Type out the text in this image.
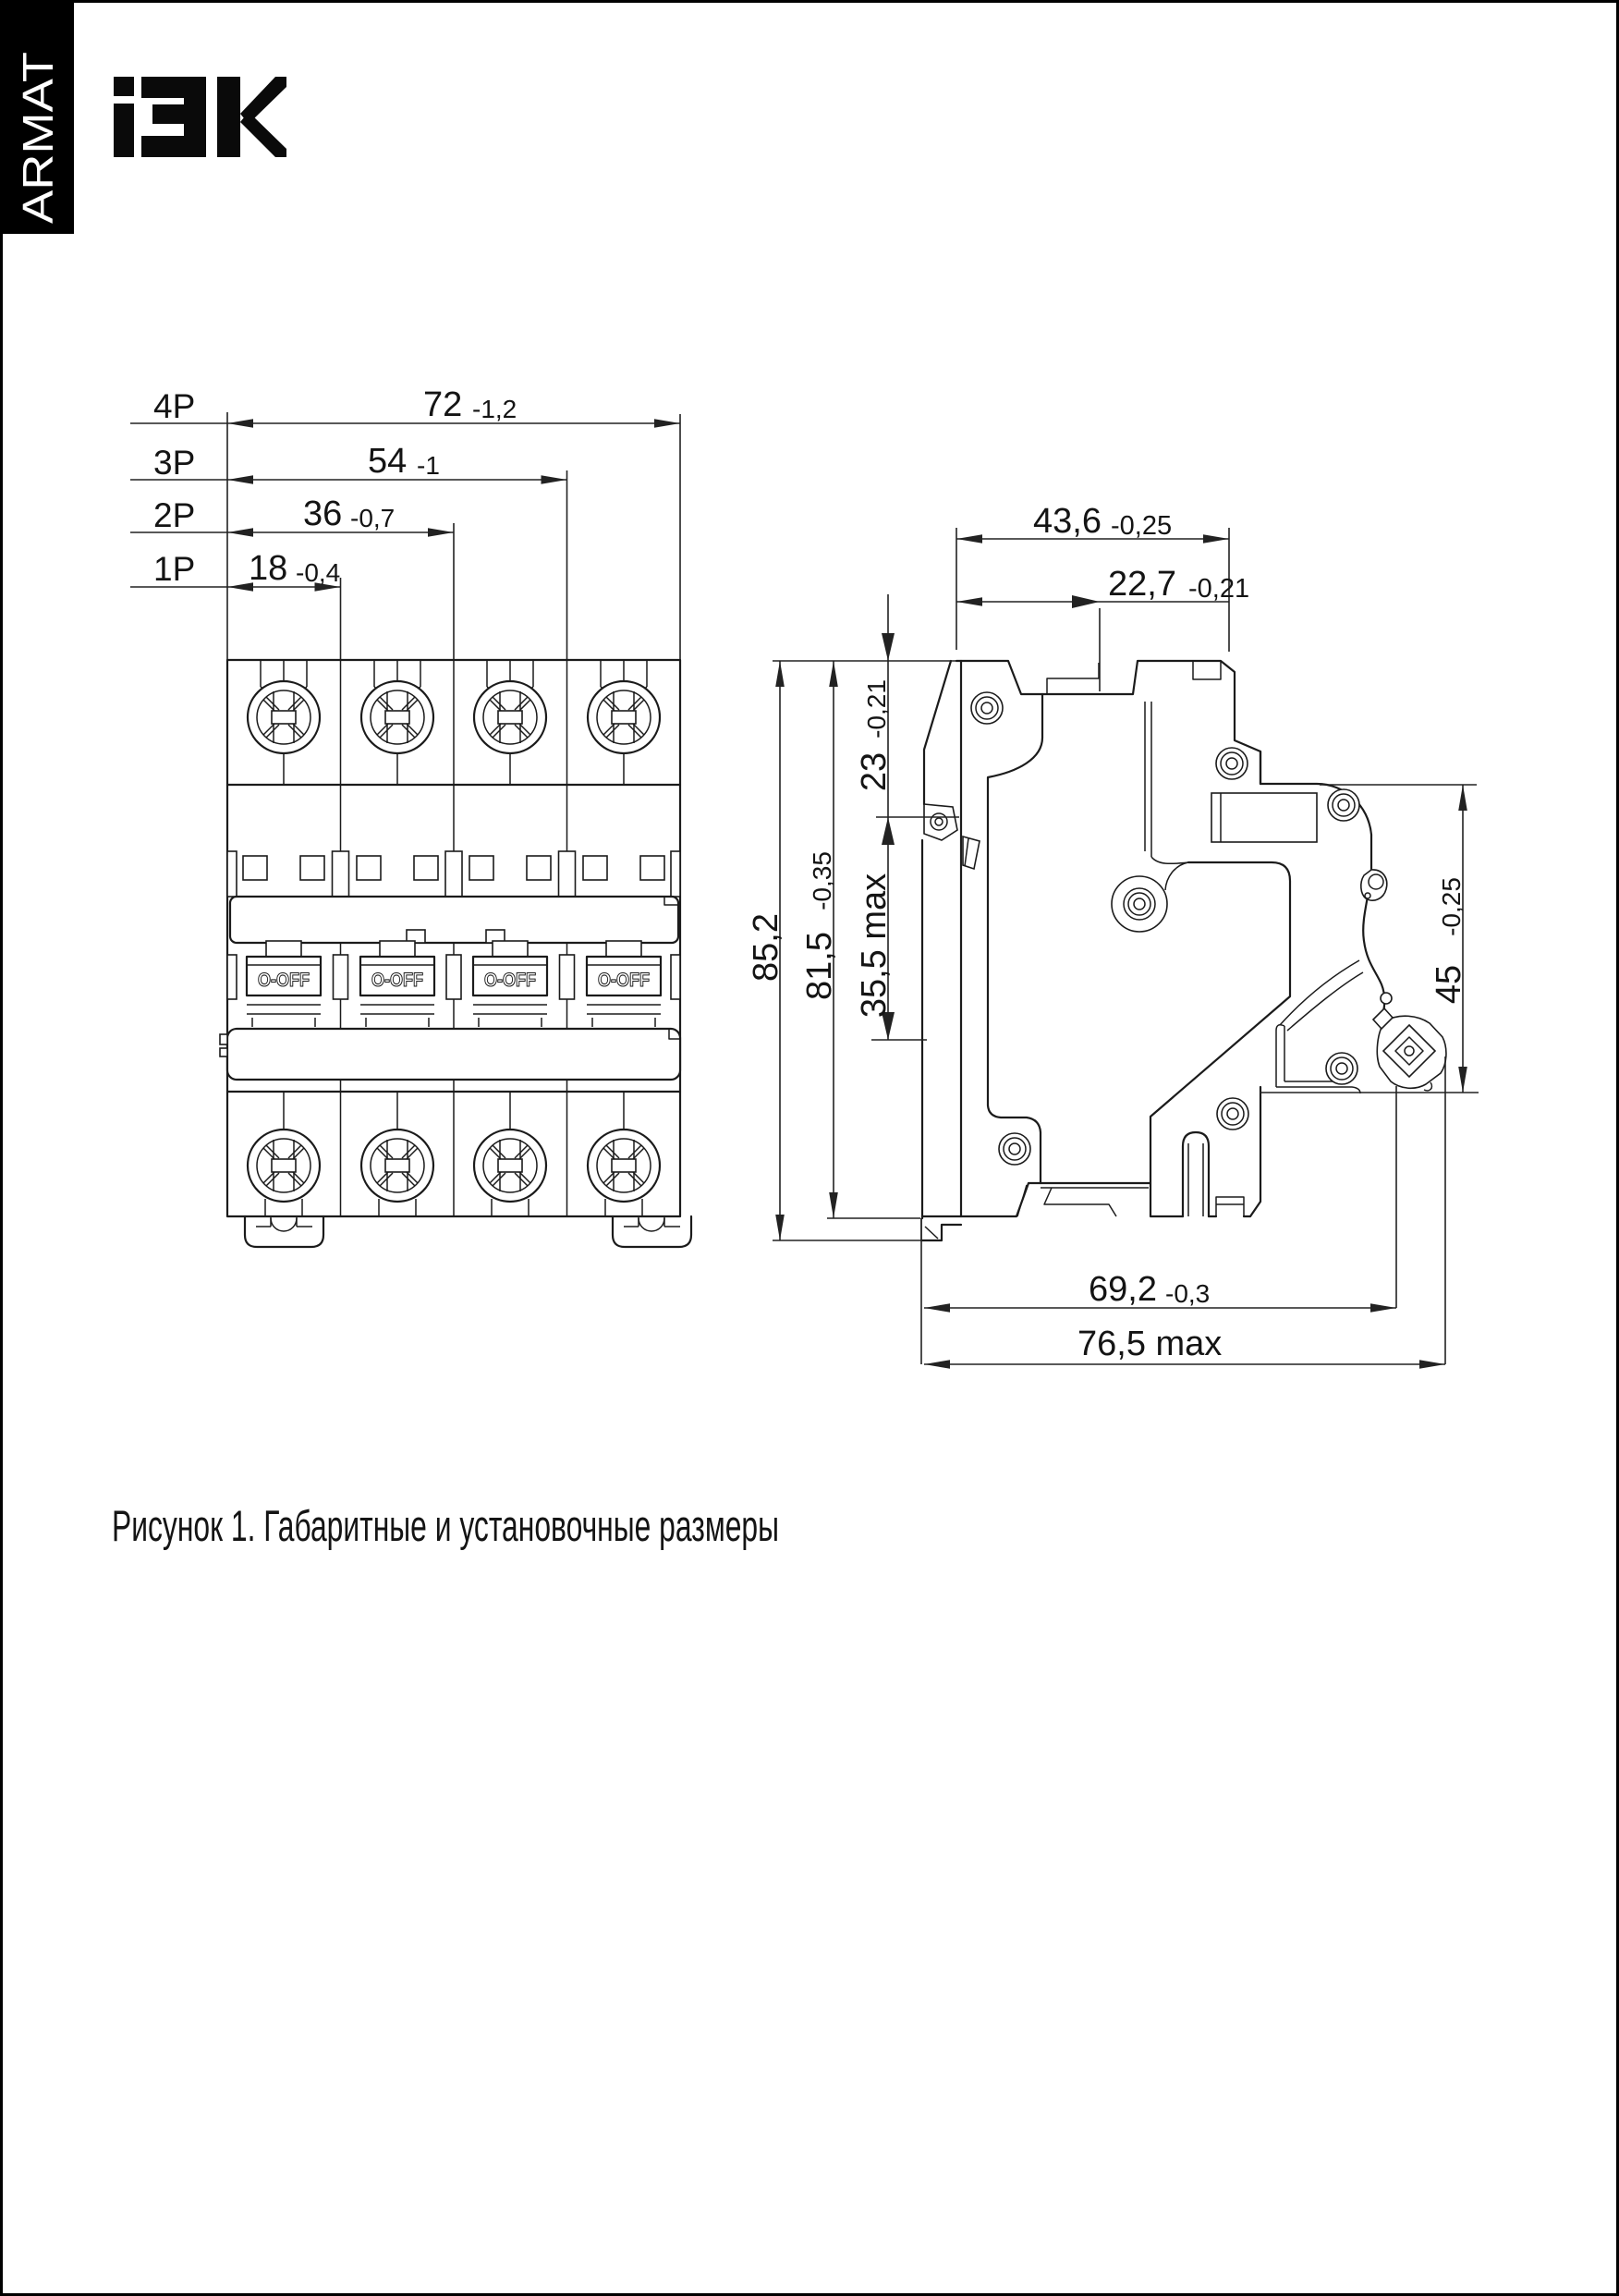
ARMAT
4P
3P
2P
1P
72 -1,2
54 -1
36 -0,7
18 -0,4
O-OFF	O-OFF	O-OFF	O-OFF
43,6 -0,25
22,7 -0,21
85,2 81,5
-0,35
23
-0,21
35,5 max	45
-0,25
69,2 -0,3
76,5 max
Рисунок 1. Габаритные и установочные размеры
